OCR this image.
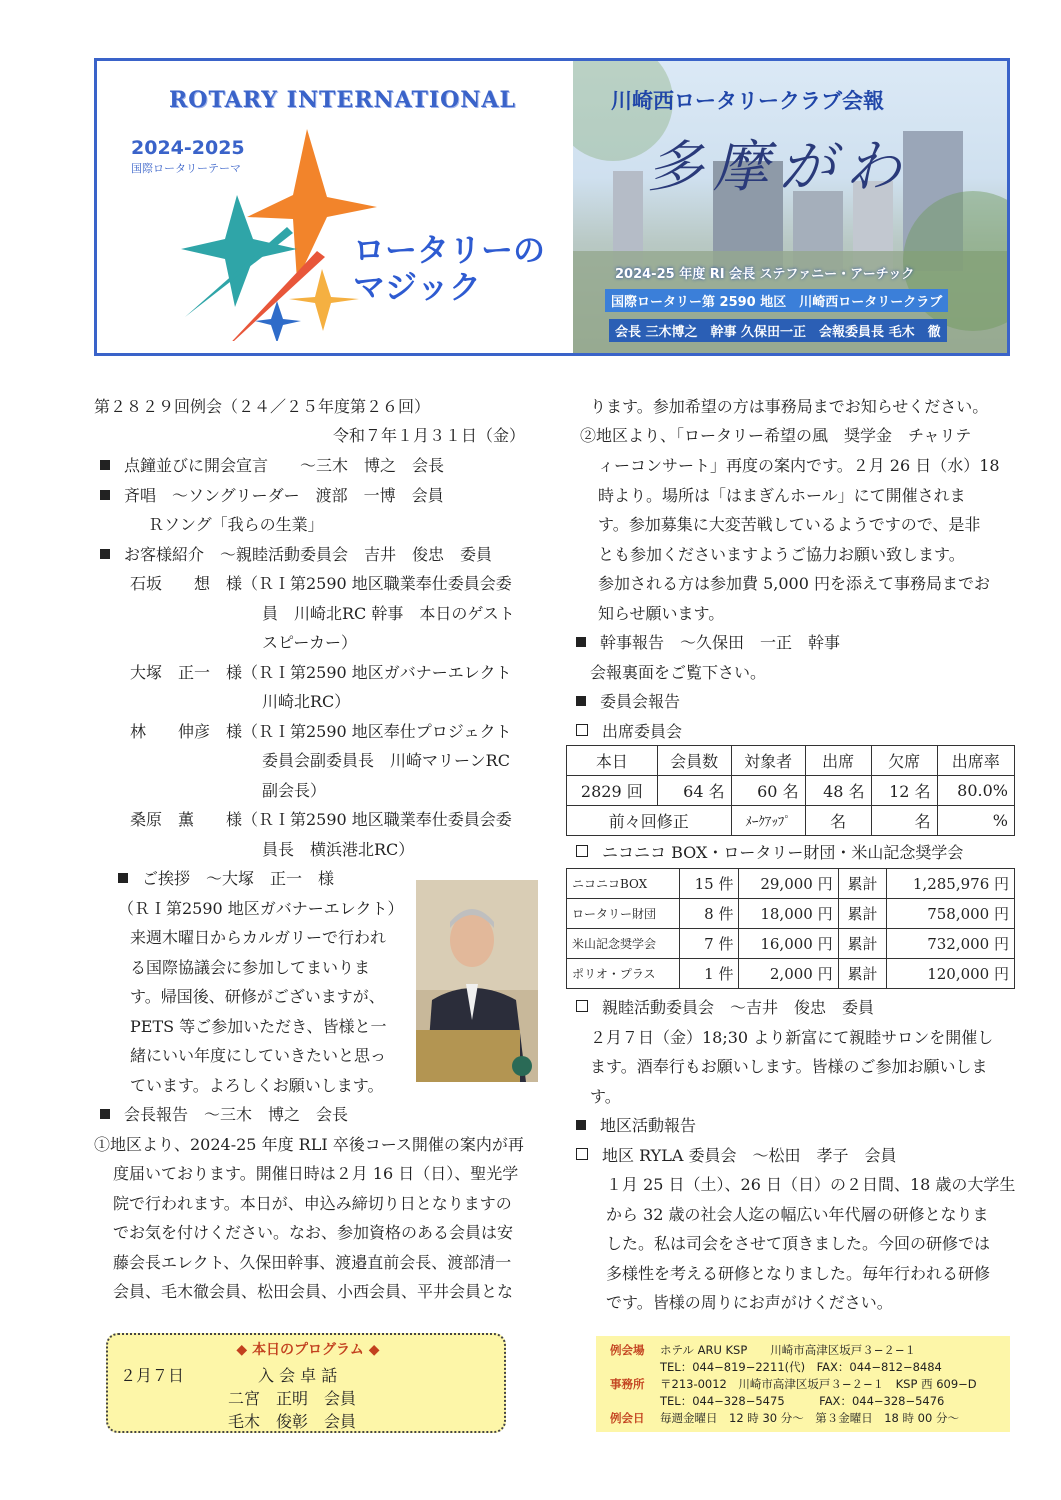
ROTARY INTERNATIONAL
2024-2025
国際ロータリーテーマ
ロータリーの
マジック
川崎西ロータリークラブ会報
多摩がわ
2024-25 年度 RI 会長 ステファニー・アーチック
国際ロータリー第 2590 地区　川崎西ロータリークラブ
会長 三木博之　幹事 久保田一正　会報委員長 毛木　徹
第２８２９回例会（２４／２５年度第２６回）
令和７年１月３１日（金）
点鐘並びに開会宣言　　～三木　博之　会長
斉唱　～ソングリーダー　渡部　一博　会員
Ｒソング「我らの生業」
お客様紹介　～親睦活動委員会　吉井　俊忠　委員
石坂　　想　様（ＲＩ第2590 地区職業奉仕委員会委
員　川崎北RC 幹事　本日のゲスト
スピーカー）
大塚　正一　様（ＲＩ第2590 地区ガバナーエレクト
川崎北RC）
林　　伸彦　様（ＲＩ第2590 地区奉仕プロジェクト
委員会副委員長　川崎マリーンRC
副会長）
桑原　薫　　様（ＲＩ第2590 地区職業奉仕委員会委
員長　横浜港北RC）
ご挨拶　～大塚　正一　様
（ＲＩ第2590 地区ガバナーエレクト）
来週木曜日からカルガリーで行われ
る国際協議会に参加してまいりま
す。帰国後、研修がございますが、
PETS 等ご参加いただき、皆様と一
緒にいい年度にしていきたいと思っ
ています。よろしくお願いします。
会長報告　～三木　博之　会長
①地区より、2024-25 年度 RLI 卒後コース開催の案内が再
度届いております。開催日時は２月 16 日（日）、聖光学
院で行われます。本日が、申込み締切り日となりますの
でお気を付けください。なお、参加資格のある会員は安
藤会長エレクト、久保田幹事、渡邉直前会長、渡部清一
会員、毛木徹会員、松田会員、小西会員、平井会員とな
◆ 本日のプログラム ◆
２月７日	入 会 卓 話
二宮　正明　会員
毛木　俊彰　会員
ります。参加希望の方は事務局までお知らせください。
②地区より、「ロータリー希望の風　奨学金　チャリテ
ィーコンサート」再度の案内です。２月 26 日（水）18
時より。場所は「はまぎんホール」にて開催されま
す。参加募集に大変苦戦しているようですので、是非
とも参加くださいますようご協力お願い致します。
参加される方は参加費 5,000 円を添えて事務局までお
知らせ願います。
幹事報告　～久保田　一正　幹事
会報裏面をご覧下さい。
委員会報告
出席委員会
本日	会員数	対象者	出席	欠席	出席率
2829 回	64 名	60 名	48 名	12 名	80.0%
前々回修正		ﾒｰｸｱｯﾌﾟ	名	名	%
ニコニコ BOX・ロータリー財団・米山記念奨学会
ニコニコBOX	15 件	29,000 円	累計	1,285,976 円
ロータリー財団	8 件	18,000 円	累計	758,000 円
米山記念奨学会	7 件	16,000 円	累計	732,000 円
ポリオ・プラス	1 件	2,000 円	累計	120,000 円
親睦活動委員会　～吉井　俊忠　委員
２月７日（金）18;30 より新富にて親睦サロンを開催し
ます。酒奉行もお願いします。皆様のご参加お願いしま
す。
地区活動報告
地区 RYLA 委員会　～松田　孝子　会員
１月 25 日（土）、26 日（日）の２日間、18 歳の大学生
から 32 歳の社会人迄の幅広い年代層の研修となりま
した。私は司会をさせて頂きました。今回の研修では
多様性を考える研修となりました。毎年行われる研修
です。皆様の周りにお声がけください。
例会場 ホテル ARU KSP　　川崎市高津区坂戸３−２−１
TEL：044−819−2211(代)　FAX：044−812−8484
事務所 〒213-0012　川崎市高津区坂戸３−２−１　KSP 西 609−D
TEL：044−328−5475　　　FAX：044−328−5476
例会日 毎週金曜日　12 時 30 分～　第３金曜日　18 時 00 分～
